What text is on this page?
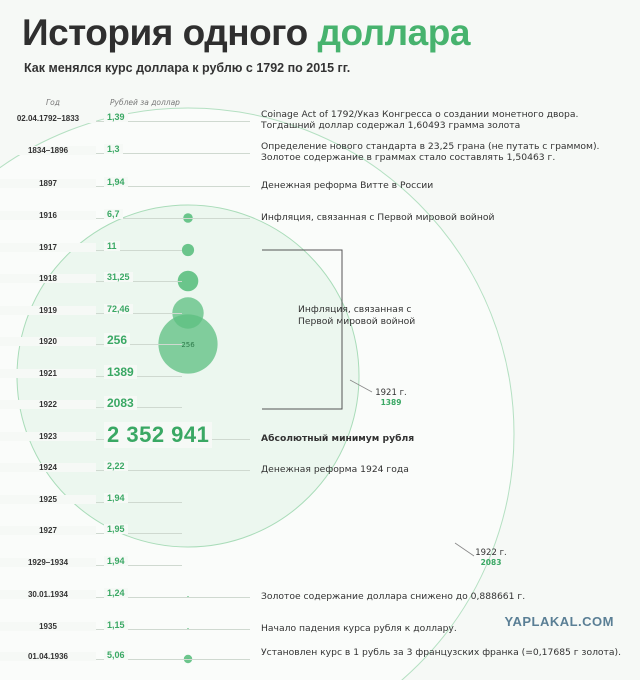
256
История одного доллара
Как менялся курс доллара к рублю с 1792 по 2015 гг.
Год	Рублей за доллар
02.04.1792–1833	1,39	Coinage Act of 1792/Указ Конгресса о создании монетного двора. Тогдашний доллар содержал 1,60493 грамма золота
1834–1896	1,3	Определение нового стандарта в 23,25 грана (не путать с граммом). Золотое содержание в граммах стало составлять 1,50463 г.
1897	1,94	Денежная реформа Витте в России
1916	6,7	Инфляция, связанная с Первой мировой войной
1917	11
1918	31,25
1919	72,46
1920	256
1921	1389
1922	2083
1923	2 352 941	Абсолютный минимум рубля
1924	2,22	Денежная реформа 1924 года
1925	1,94
1927	1,95
1929–1934	1,94
30.01.1934	1,24	Золотое содержание доллара снижено до 0,888661 г.
1935	1,15	Начало падения курса рубля к доллару.
01.04.1936	5,06	Установлен курс в 1 рубль за 3 французских франка (=0,17685 г золота).
Инфляция, связанная с Первой мировой войной
1921 г.
1389
1922 г.
2083
YAPLAKAL.COM
